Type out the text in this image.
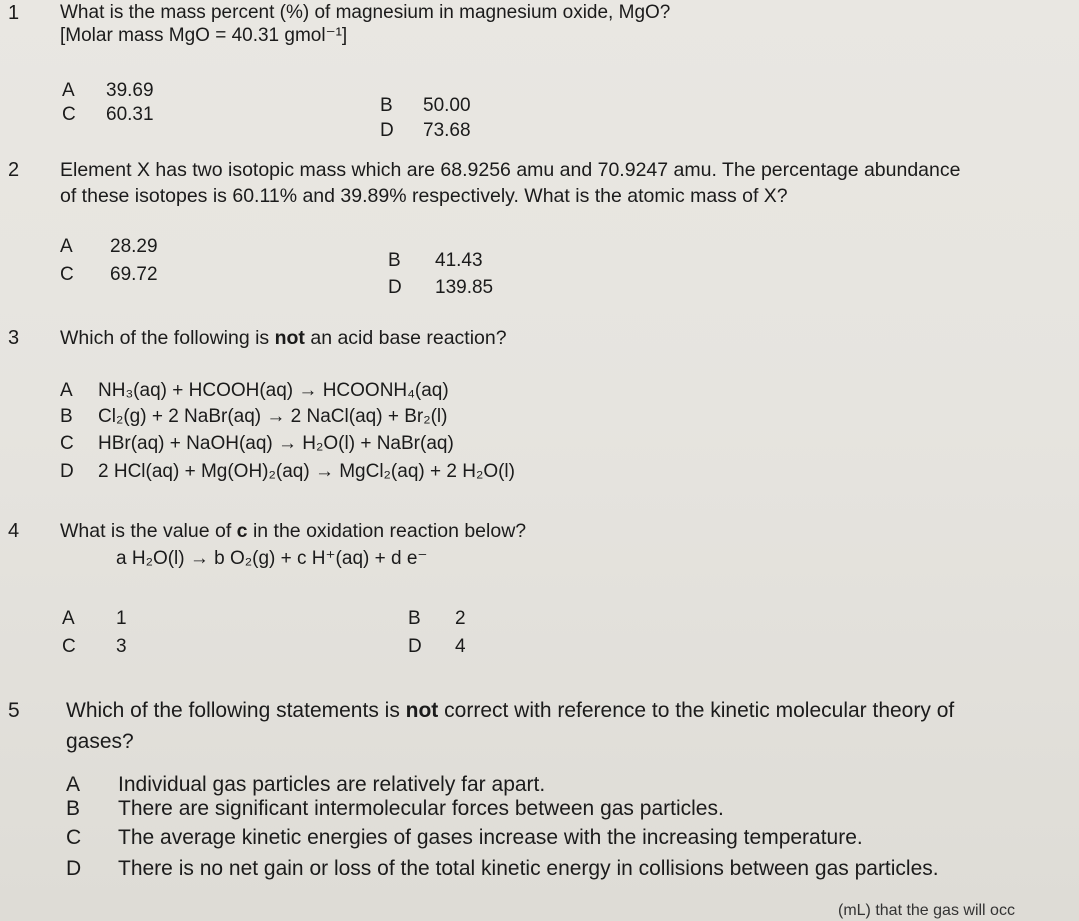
1 What is the mass percent (%) of magnesium in magnesium oxide, MgO?
[Molar mass MgO = 40.31 gmol⁻¹]
A 39.69
B 50.00
C 60.31
D 73.68
2 Element X has two isotopic mass which are 68.9256 amu and 70.9247 amu. The percentage abundance
of these isotopes is 60.11% and 39.89% respectively. What is the atomic mass of X?
A 28.29
B 41.43
C 69.72
D 139.85
3 Which of the following is not an acid base reaction?
A NH₃(aq) + HCOOH(aq) → HCOONH₄(aq)
B Cl₂(g) + 2 NaBr(aq) → 2 NaCl(aq) + Br₂(l)
C HBr(aq) + NaOH(aq) → H₂O(l) + NaBr(aq)
D 2 HCl(aq) + Mg(OH)₂(aq) → MgCl₂(aq) + 2 H₂O(l)
4 What is the value of c in the oxidation reaction below?
a H₂O(l) → b O₂(g) + c H⁺(aq) + d e⁻
A 1	B 2
C 3	D 4
5 Which of the following statements is not correct with reference to the kinetic molecular theory of
gases?
A Individual gas particles are relatively far apart.
B There are significant intermolecular forces between gas particles.
C The average kinetic energies of gases increase with the increasing temperature.
D There is no net gain or loss of the total kinetic energy in collisions between gas particles.
(mL) that the gas will occ
